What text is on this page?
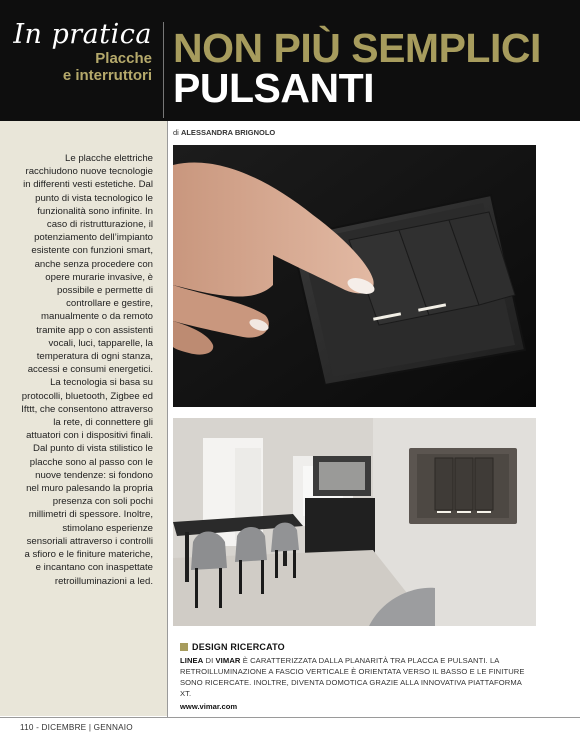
In pratica
Placche
e interruttori
NON PIÙ SEMPLICI
PULSANTI

Le placche elettriche racchiudono nuove tecnologie in differenti vesti estetiche. Dal punto di vista tecnologico le funzionalità sono infinite. In caso di ristrutturazione, il potenziamento dell’impianto esistente con funzioni smart, anche senza procedere con opere murarie invasive, è possibile e permette di controllare e gestire, manualmente o da remoto tramite app o con assistenti vocali, luci, tapparelle, la temperatura di ogni stanza, accessi e consumi energetici. La tecnologia si basa su protocolli, bluetooth, Zigbee ed Ifttt, che consentono attraverso la rete, di connettere gli attuatori con i dispositivi finali. Dal punto di vista stilistico le placche sono al passo con le nuove tendenze: si fondono nel muro palesando la propria presenza con soli pochi millimetri di spessore. Inoltre, stimolano esperienze sensoriali attraverso i controlli a sfioro e le finiture materiche, e incantano con inaspettate retroilluminazioni a led.

di ALESSANDRA BRIGNOLO
DESIGN RICERCATO

LINEA DI VIMAR È CARATTERIZZATA DALLA PLANARITÀ TRA PLACCA E PULSANTI. LA RETROILLUMINAZIONE A FASCIO VERTICALE È ORIENTATA VERSO IL BASSO E LE FINITURE SONO RICERCATE. INOLTRE, DIVENTA DOMOTICA GRAZIE ALLA INNOVATIVA PIATTAFORMA XT.

www.vimar.com
110 - DICEMBRE | GENNAIO
